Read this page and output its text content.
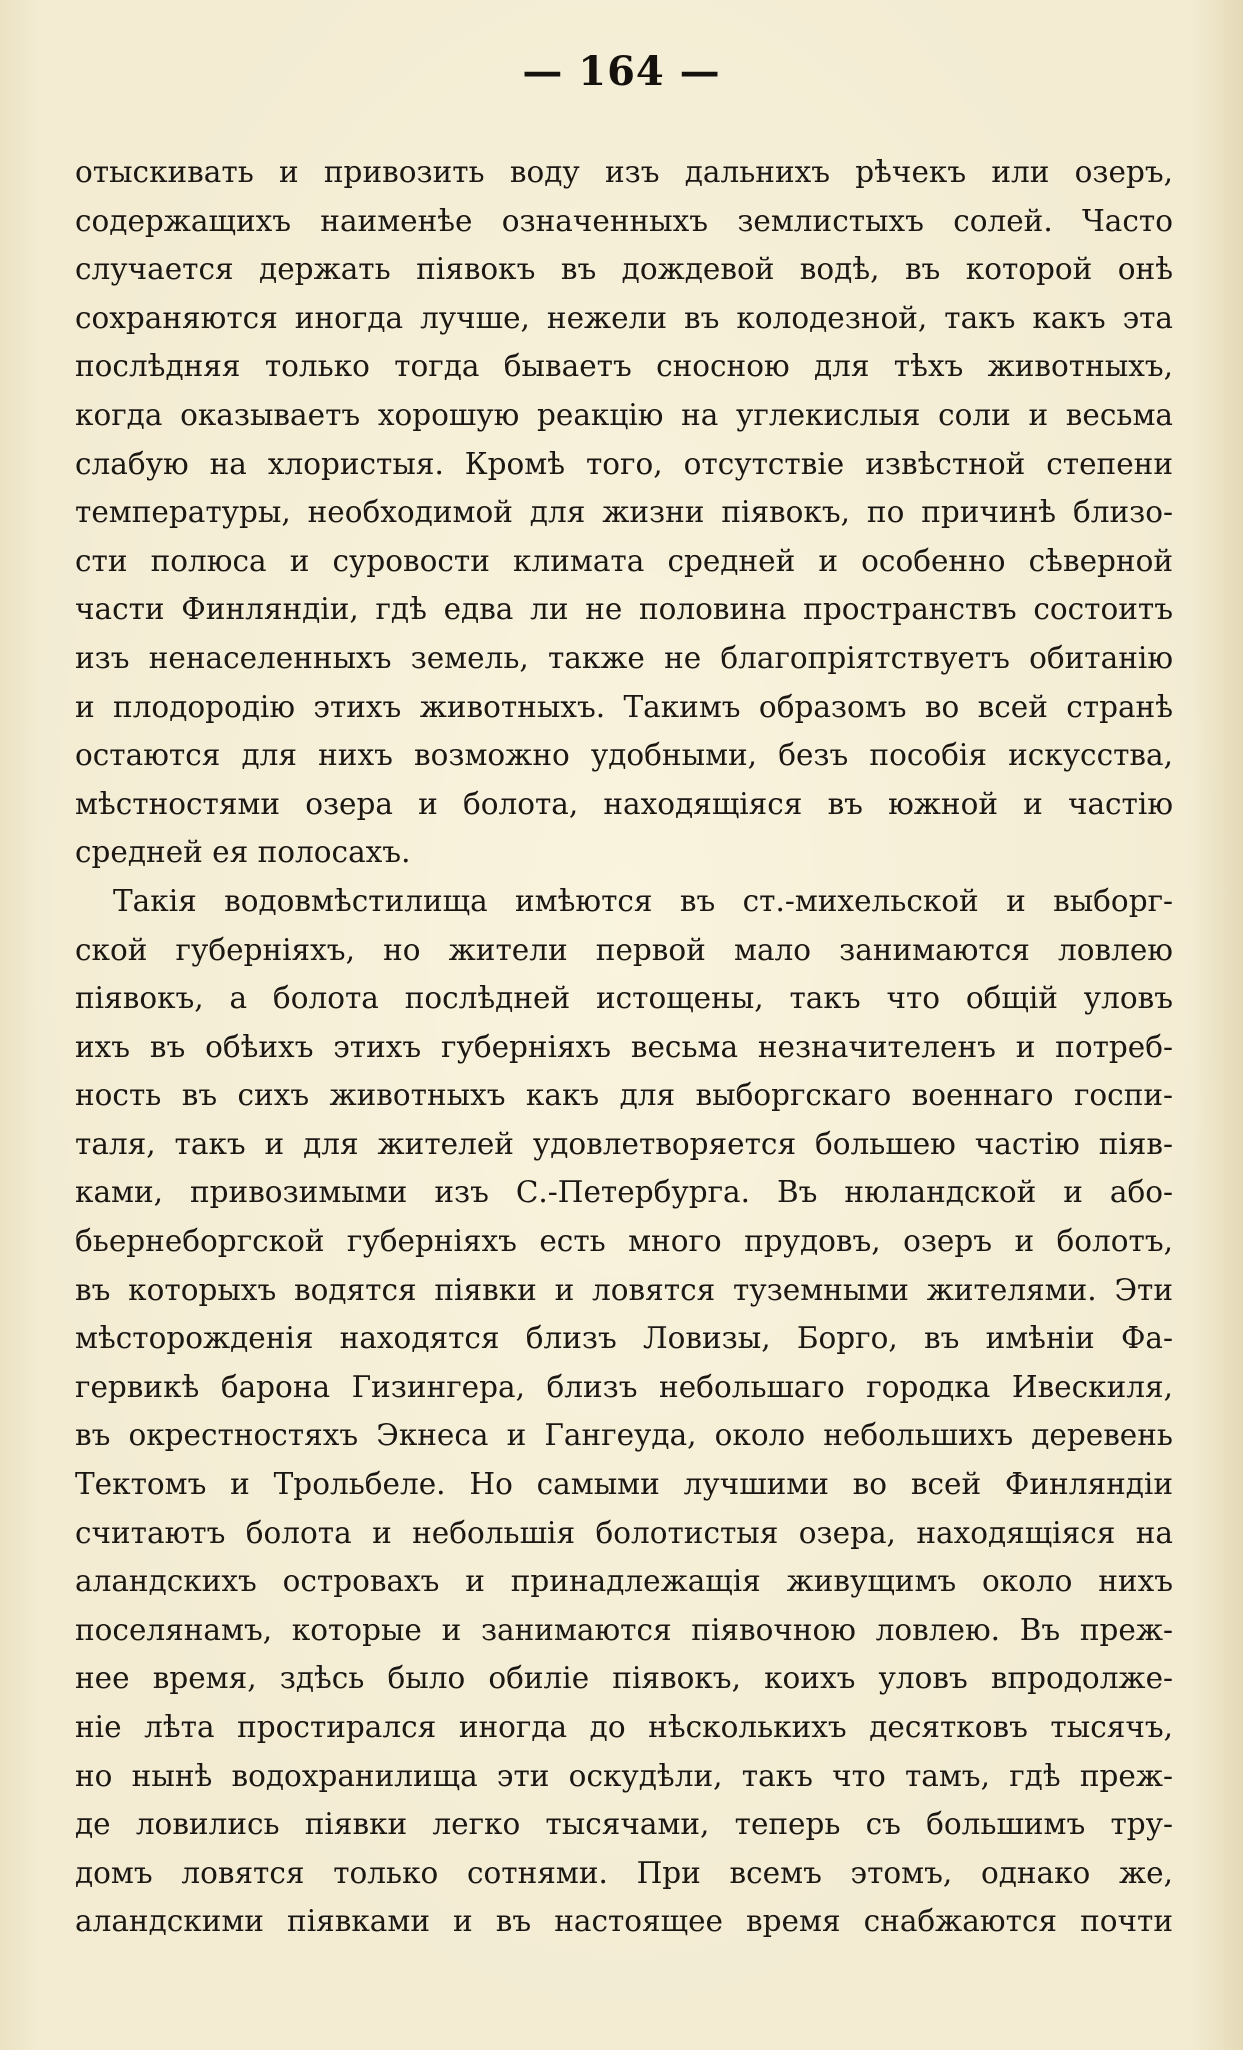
— 164 —
отыскивать и привозить воду изъ дальнихъ рѣчекъ или озеръ,
содержащихъ наименѣе означенныхъ землистыхъ солей. Часто
случается держать піявокъ въ дождевой водѣ, въ которой онѣ
сохраняются иногда лучше, нежели въ колодезной, такъ какъ эта
послѣдняя только тогда бываетъ сносною для тѣхъ животныхъ,
когда оказываетъ хорошую реакцію на углекислыя соли и весьма
слабую на хлористыя. Кромѣ того, отсутствіе извѣстной степени
температуры, необходимой для жизни піявокъ, по причинѣ близо-
сти полюса и суровости климата средней и особенно сѣверной
части Финляндіи, гдѣ едва ли не половина пространствъ состоитъ
изъ ненаселенныхъ земель, также не благопріятствуетъ обитанію
и плодородію этихъ животныхъ. Такимъ образомъ во всей странѣ
остаются для нихъ возможно удобными, безъ пособія искусства,
мѣстностями озера и болота, находящіяся въ южной и частію
средней ея полосахъ.
Такія водовмѣстилища имѣются въ ст.-михельской и выборг-
ской губерніяхъ, но жители первой мало занимаются ловлею
піявокъ, а болота послѣдней истощены, такъ что общій уловъ
ихъ въ обѣихъ этихъ губерніяхъ весьма незначителенъ и потреб-
ность въ сихъ животныхъ какъ для выборгскаго военнаго госпи-
таля, такъ и для жителей удовлетворяется большею частію піяв-
ками, привозимыми изъ С.-Петербурга. Въ нюландской и або-
бьернеборгской губерніяхъ есть много прудовъ, озеръ и болотъ,
въ которыхъ водятся піявки и ловятся туземными жителями. Эти
мѣсторожденія находятся близъ Ловизы, Борго, въ имѣніи Фа-
гервикѣ барона Гизингера, близъ небольшаго городка Ивескиля,
въ окрестностяхъ Экнеса и Гангеуда, около небольшихъ деревень
Тектомъ и Трольбеле. Но самыми лучшими во всей Финляндіи
считаютъ болота и небольшія болотистыя озера, находящіяся на
аландскихъ островахъ и принадлежащія живущимъ около нихъ
поселянамъ, которые и занимаются піявочною ловлею. Въ преж-
нее время, здѣсь было обиліе піявокъ, коихъ уловъ впродолже-
ніе лѣта простирался иногда до нѣсколькихъ десятковъ тысячъ,
но нынѣ водохранилища эти оскудѣли, такъ что тамъ, гдѣ преж-
де ловились піявки легко тысячами, теперь съ большимъ тру-
домъ ловятся только сотнями. При всемъ этомъ, однако же,
аландскими піявками и въ настоящее время снабжаются почти
